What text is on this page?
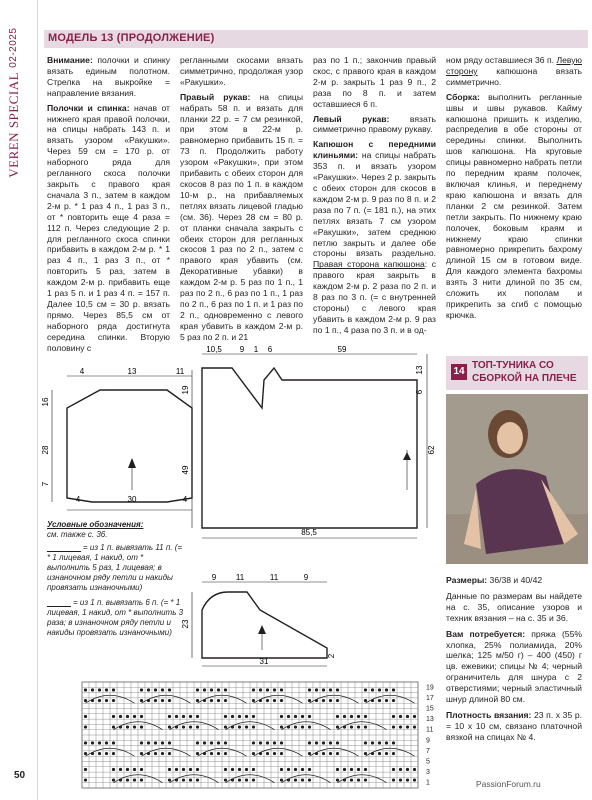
VEREN SPECIAL 02-2025
50
МОДЕЛЬ 13 (ПРОДОЛЖЕНИЕ)

Внимание: полочки и спинку вязать единым полотном. Стрелка на выкройке = направление вязания.

Полочки и спинка: начав от нижнего края правой полочки, на спицы набрать 143 п. и вязать узором «Ракушки». Через 59 см = 170 р. от наборного ряда для регланного скоса полочки закрыть с правого края сначала 3 п., затем в каждом 2-м р. * 1 раз 4 п., 1 раз 3 п., от * повторить еще 4 раза = 112 п. Через следующие 2 р. для регланного скоса спинки прибавить в каждом 2-м р. * 1 раз 4 п., 1 раз 3 п., от * повторить 5 раз, затем в каждом 2-м р. прибавить еще 1 раз 5 п. и 1 раз 4 п. = 157 п. Далее 10,5 см = 30 р. вязать прямо. Через 85,5 см от наборного ряда достигнута середина спинки. Вторую половину с

регланными скосами вязать симметрично, продолжая узор «Ракушки».

Правый рукав: на спицы набрать 58 п. и вязать для планки 22 р. = 7 см резинкой, при этом в 22-м р. равномерно прибавить 15 п. = 73 п. Продолжить работу узором «Ракушки», при этом прибавить с обеих сторон для скосов 8 раз по 1 п. в каждом 10-м р., на прибавляемых петлях вязать лицевой гладью (см. 36). Через 28 см = 80 р. от планки сначала закрыть с обеих сторон для регланных скосов 1 раз по 2 п., затем с правого края убавить (см. Декоративные убавки) в каждом 2-м р. 5 раз по 1 п., 1 раз по 2 п., 6 раз по 1 п., 1 раз по 2 п., 6 раз по 1 п. и 1 раз по 2 п., одновременно с левого края убавить в каждом 2-м р. 5 раз по 2 п. и 21

раз по 1 п.; закончив правый скос, с правого края в каждом 2-м р. закрыть 1 раз 9 п., 2 раза по 8 п. и затем оставшиеся 6 п.

Левый рукав: вязать симметрично правому рукаву.

Капюшон с передними клиньями: на спицы набрать 353 п. и вязать узором «Ракушки». Через 2 р. закрыть с обеих сторон для скосов в каждом 2-м р. 9 раз по 8 п. и 2 раза по 7 п. (= 181 п.), на этих петлях вязать 7 см узором «Ракушки», затем среднюю петлю закрыть и далее обе стороны вязать раздельно. Правая сторона капюшона: с правого края закрыть в каждом 2-м р. 2 раза по 2 п. и 8 раз по 3 п. (= с внутренней стороны) с левого края убавить в каждом 2-м р. 9 раз по 1 п., 4 раза по 3 п. и в од-

ном ряду оставшиеся 36 п. Левую сторону капюшона вязать симметрично.

Сборка: выполнить регланные швы и швы рукавов. Кайму капюшона пришить к изделию, распределив в обе стороны от середины спинки. Выполнить шов капюшона. На круговые спицы равномерно набрать петли по передним краям полочек, включая клинья, и переднему краю капюшона и вязать для планки 2 см резинкой. Затем петли закрыть. По нижнему краю полочек, боковым краям и нижнему краю спинки равномерно прикрепить бахрому длиной 15 см в готовом виде. Для каждого элемента бахромы взять 3 нити длиной по 35 см, сложить их пополам и прикрепить за сгиб с помощью крючка.

4	13	11
16
28
7
4	30	4
10,5 9 1 6	59
19
49
13
6
62
85,5
9 11	11	9
23
31
2
Условные обозначения:
см. также с. 36.
= из 1 п. вывязать 11 п. (= * 1 лицевая, 1 накид, от * выполнить 5 раз, 1 лицевая; в изнаночном ряду петли и накиды провязать изнаночными)
= из 1 п. вывязать 6 п. (= * 1 лицевая, 1 накид, от * выполнить 3 раза; в изнаночном ряду петли и накиды провязать изнаночными)
14
ТОП-ТУНИКА СО СБОРКОЙ НА ПЛЕЧЕ

Размеры: 36/38 и 40/42

Данные по размерам вы найдете на с. 35, описание узоров и техник вязания – на с. 35 и 36.

Вам потребуется: пряжа (55% хлопка, 25% полиамида, 20% шелка; 125 м/50 г) – 400 (450) г цв. ежевики; спицы № 4; черный ограничитель для шнура с 2 отверстиями; черный эластичный шнур длиной 80 см.

Плотность вязания: 23 п. х 35 р. = 10 х 10 см, связано платочной вязкой на спицах № 4.

19
17
15
13
11
9
7
5
3
1	PassionForum.ru
